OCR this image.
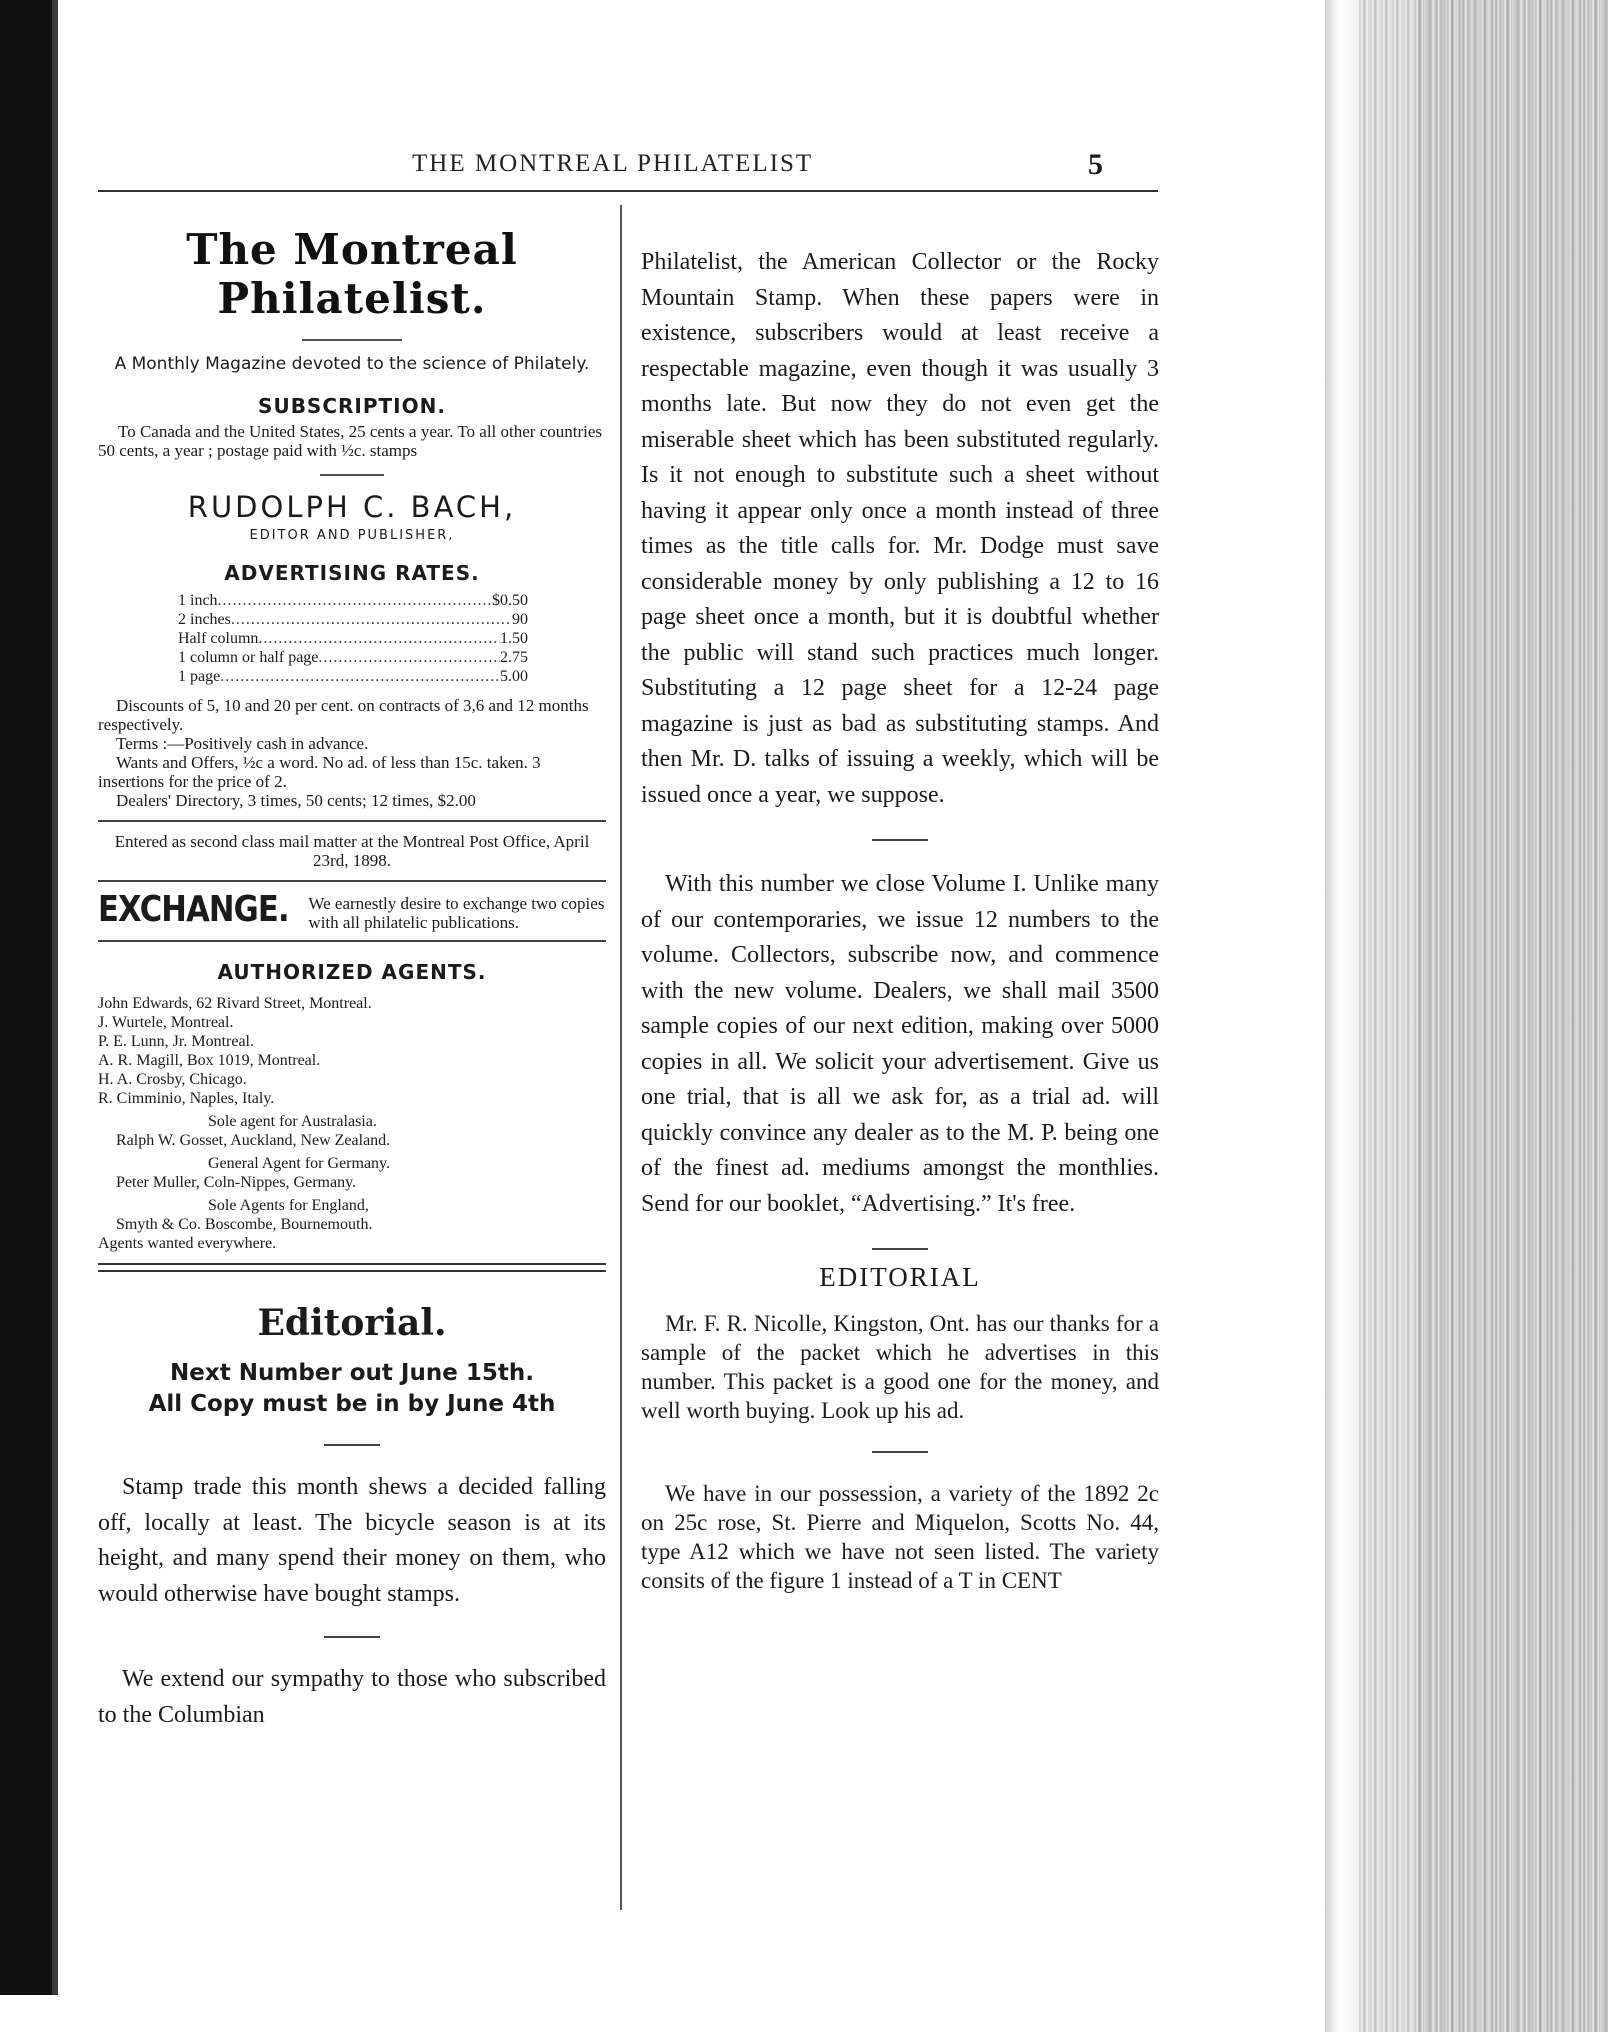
THE MONTREAL PHILATELIST	5
The Montreal Philatelist.
A Monthly Magazine devoted to the science of Philately.
SUBSCRIPTION.
To Canada and the United States, 25 cents a year. To all other countries 50 cents, a year ; postage paid with ½c. stamps
RUDOLPH C. BACH,
EDITOR AND PUBLISHER,
ADVERTISING RATES.
1 inch .....	$0.50
2 inches .....	90
Half column .....	1.50
1 column or half page .....	2.75
1 page .....	5.00
Discounts of 5, 10 and 20 per cent. on contracts of 3,6 and 12 months respectively.
Terms :—Positively cash in advance.
Wants and Offers, ½c a word. No ad. of less than 15c. taken. 3 insertions for the price of 2.
Dealers' Directory, 3 times, 50 cents; 12 times, $2.00
Entered as second class mail matter at the Montreal Post Office, April 23rd, 1898.
EXCHANGE. We earnestly desire to exchange two copies with all philatelic publications.
AUTHORIZED AGENTS.
John Edwards, 62 Rivard Street, Montreal.
J. Wurtele, Montreal.
P. E. Lunn, Jr. Montreal.
A. R. Magill, Box 1019, Montreal.
H. A. Crosby, Chicago.
R. Cimminio, Naples, Italy.
Sole agent for Australasia.
Ralph W. Gosset, Auckland, New Zealand.
General Agent for Germany.
Peter Muller, Coln-Nippes, Germany.
Sole Agents for England,
Smyth & Co. Boscombe, Bournemouth.
Agents wanted everywhere.
Editorial.
Next Number out June 15th.
All Copy must be in by June 4th

Stamp trade this month shews a decided falling off, locally at least. The bicycle season is at its height, and many spend their money on them, who would otherwise have bought stamps.

We extend our sympathy to those who subscribed to the Columbian

Philatelist, the American Collector or the Rocky Mountain Stamp. When these papers were in existence, subscribers would at least receive a respectable magazine, even though it was usually 3 months late. But now they do not even get the miserable sheet which has been substituted regularly. Is it not enough to substitute such a sheet without having it appear only once a month instead of three times as the title calls for. Mr. Dodge must save considerable money by only publishing a 12 to 16 page sheet once a month, but it is doubtful whether the public will stand such practices much longer. Substituting a 12 page sheet for a 12-24 page magazine is just as bad as substituting stamps. And then Mr. D. talks of issuing a weekly, which will be issued once a year, we suppose.

With this number we close Volume I. Unlike many of our contemporaries, we issue 12 numbers to the volume. Collectors, subscribe now, and commence with the new volume. Dealers, we shall mail 3500 sample copies of our next edition, making over 5000 copies in all. We solicit your advertisement. Give us one trial, that is all we ask for, as a trial ad. will quickly convince any dealer as to the M. P. being one of the finest ad. mediums amongst the monthlies. Send for our booklet, “Advertising.” It's free.

EDITORIAL

Mr. F. R. Nicolle, Kingston, Ont. has our thanks for a sample of the packet which he advertises in this number. This packet is a good one for the money, and well worth buying. Look up his ad.

We have in our possession, a variety of the 1892 2c on 25c rose, St. Pierre and Miquelon, Scotts No. 44, type A12 which we have not seen listed. The variety consits of the figure 1 instead of a T in CENT
